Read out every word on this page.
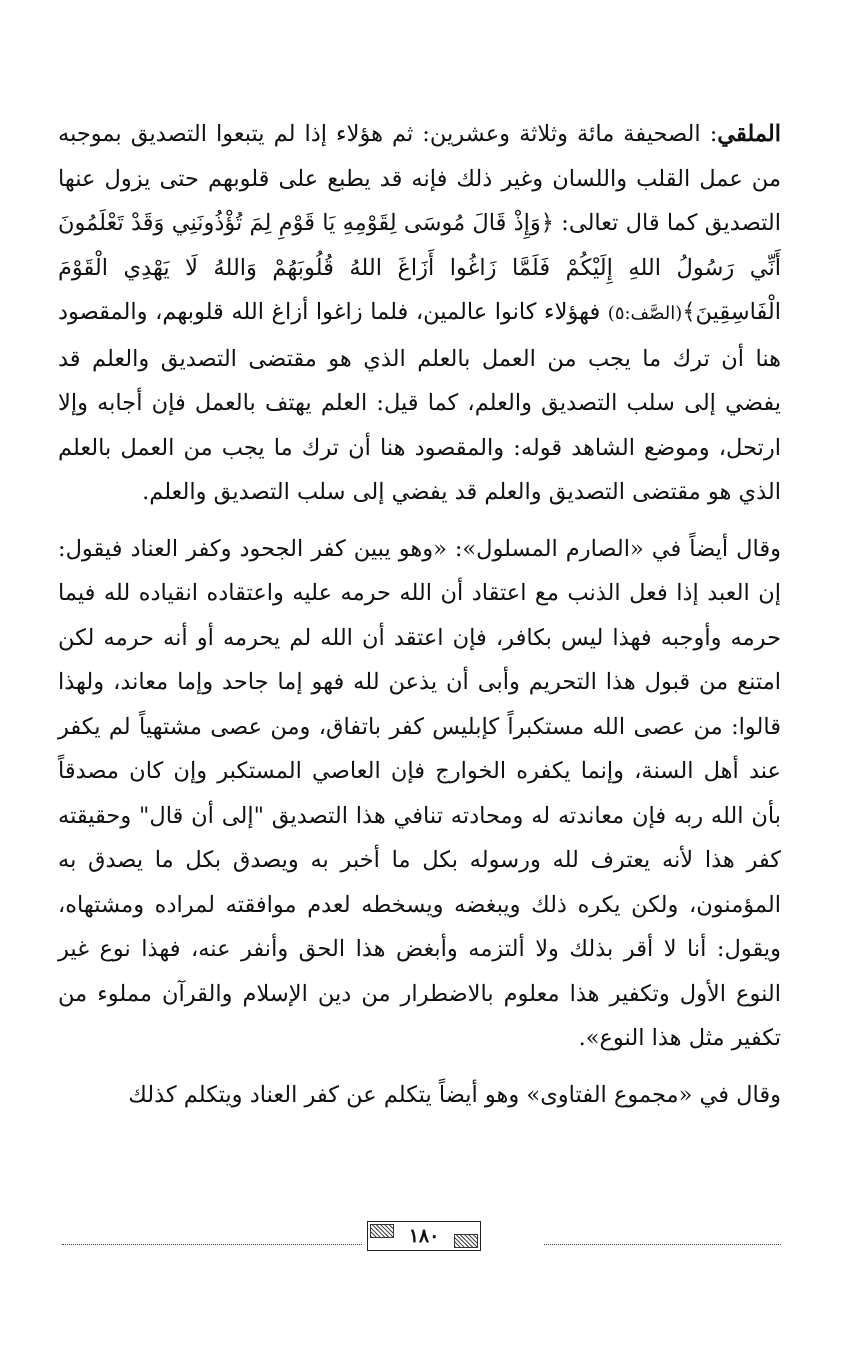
الملقي: الصحيفة مائة وثلاثة وعشرين: ثم هؤلاء إذا لم يتبعوا التصديق بموجبه من عمل القلب واللسان وغير ذلك فإنه قد يطبع على قلوبهم حتى يزول عنها التصديق كما قال تعالى: ﴿وَإِذْ قَالَ مُوسَى لِقَوْمِهِ يَا قَوْمِ لِمَ تُؤْذُونَنِي وَقَدْ تَعْلَمُونَ أَنِّي رَسُولُ اللهِ إِلَيْكُمْ فَلَمَّا زَاغُوا أَزَاغَ اللهُ قُلُوبَهُمْ وَاللهُ لَا يَهْدِي الْقَوْمَ الْفَاسِقِينَ﴾(الصَّف:٥) فهؤلاء كانوا عالمين، فلما زاغوا أزاغ الله قلوبهم، والمقصود هنا أن ترك ما يجب من العمل بالعلم الذي هو مقتضى التصديق والعلم قد يفضي إلى سلب التصديق والعلم، كما قيل: العلم يهتف بالعمل فإن أجابه وإلا ارتحل، وموضع الشاهد قوله: والمقصود هنا أن ترك ما يجب من العمل بالعلم الذي هو مقتضى التصديق والعلم قد يفضي إلى سلب التصديق والعلم.

وقال أيضاً في «الصارم المسلول»: «وهو يبين كفر الجحود وكفر العناد فيقول: إن العبد إذا فعل الذنب مع اعتقاد أن الله حرمه عليه واعتقاده انقياده لله فيما حرمه وأوجبه فهذا ليس بكافر، فإن اعتقد أن الله لم يحرمه أو أنه حرمه لكن امتنع من قبول هذا التحريم وأبى أن يذعن لله فهو إما جاحد وإما معاند، ولهذا قالوا: من عصى الله مستكبراً كإبليس كفر باتفاق، ومن عصى مشتهياً لم يكفر عند أهل السنة، وإنما يكفره الخوارج فإن العاصي المستكبر وإن كان مصدقاً بأن الله ربه فإن معاندته له ومحادته تنافي هذا التصديق "إلى أن قال" وحقيقته كفر هذا لأنه يعترف لله ورسوله بكل ما أخبر به ويصدق بكل ما يصدق به المؤمنون، ولكن يكره ذلك ويبغضه ويسخطه لعدم موافقته لمراده ومشتهاه، ويقول: أنا لا أقر بذلك ولا ألتزمه وأبغض هذا الحق وأنفر عنه، فهذا نوع غير النوع الأول وتكفير هذا معلوم بالاضطرار من دين الإسلام والقرآن مملوء من تكفير مثل هذا النوع».

وقال في «مجموع الفتاوى» وهو أيضاً يتكلم عن كفر العناد ويتكلم كذلك

١٨٠
